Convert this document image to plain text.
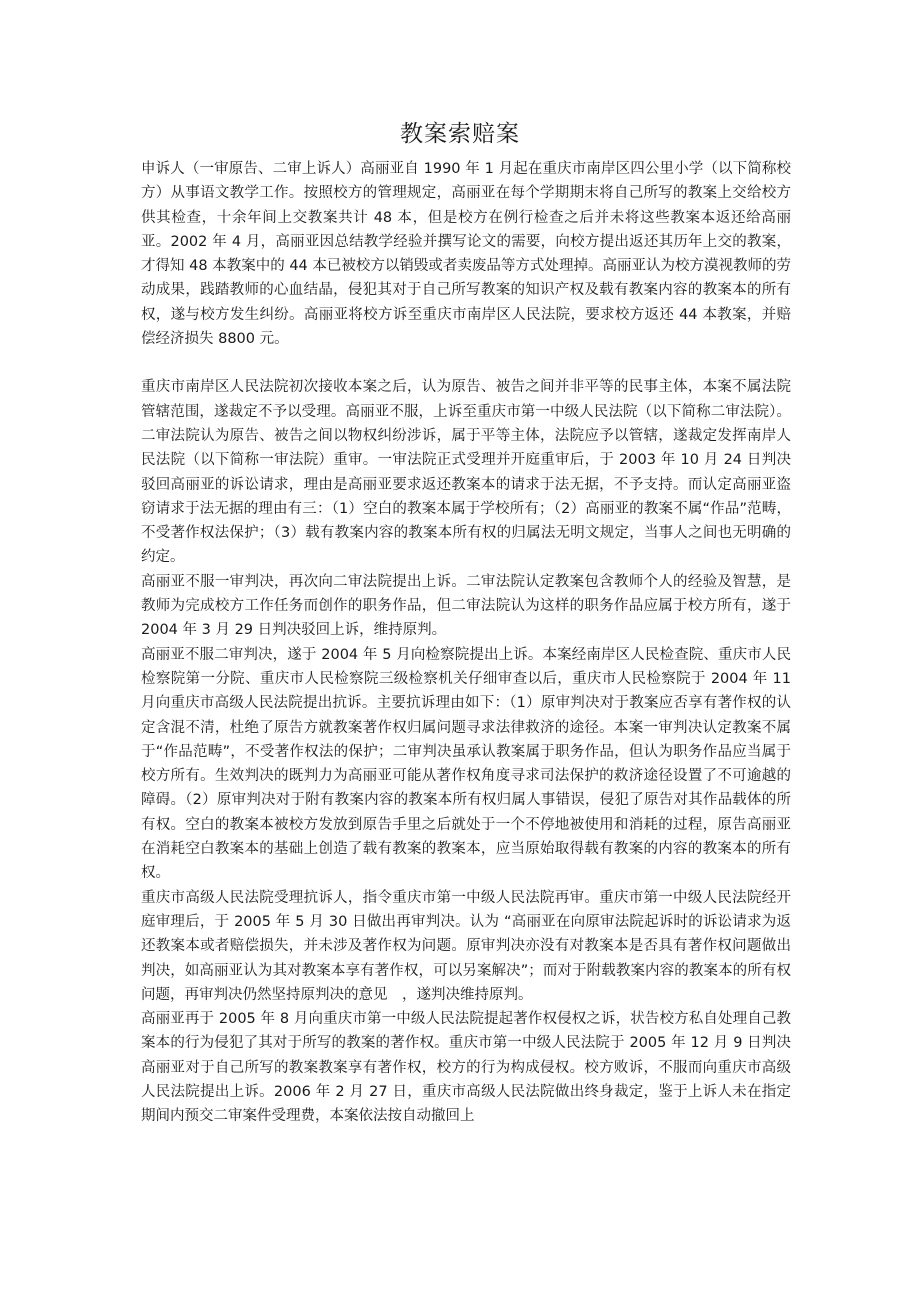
教案索赔案

申诉人（一审原告、二审上诉人）高丽亚自 1990 年 1 月起在重庆市南岸区四公里小学（以下简称校方）从事语文教学工作。按照校方的管理规定，高丽亚在每个学期期末将自己所写的教案上交给校方供其检查，十余年间上交教案共计 48 本，但是校方在例行检查之后并未将这些教案本返还给高丽亚。2002 年 4 月，高丽亚因总结教学经验并撰写论文的需要，向校方提出返还其历年上交的教案，才得知 48 本教案中的 44 本已被校方以销毁或者卖废品等方式处理掉。高丽亚认为校方漠视教师的劳动成果，践踏教师的心血结晶，侵犯其对于自己所写教案的知识产权及载有教案内容的教案本的所有权，遂与校方发生纠纷。高丽亚将校方诉至重庆市南岸区人民法院，要求校方返还 44 本教案，并赔偿经济损失 8800 元。

重庆市南岸区人民法院初次接收本案之后，认为原告、被告之间并非平等的民事主体，本案不属法院管辖范围，遂裁定不予以受理。高丽亚不服，上诉至重庆市第一中级人民法院（以下简称二审法院）。二审法院认为原告、被告之间以物权纠纷涉诉，属于平等主体，法院应予以管辖，遂裁定发挥南岸人民法院（以下简称一审法院）重审。一审法院正式受理并开庭重审后，于 2003 年 10 月 24 日判决驳回高丽亚的诉讼请求，理由是高丽亚要求返还教案本的请求于法无据，不予支持。而认定高丽亚盗窃请求于法无据的理由有三：（1）空白的教案本属于学校所有；（2）高丽亚的教案不属“作品”范畴，不受著作权法保护；（3）载有教案内容的教案本所有权的归属法无明文规定，当事人之间也无明确的约定。

高丽亚不服一审判决，再次向二审法院提出上诉。二审法院认定教案包含教师个人的经验及智慧，是教师为完成校方工作任务而创作的职务作品，但二审法院认为这样的职务作品应属于校方所有，遂于 2004 年 3 月 29 日判决驳回上诉，维持原判。

高丽亚不服二审判决，遂于 2004 年 5 月向检察院提出上诉。本案经南岸区人民检查院、重庆市人民检察院第一分院、重庆市人民检察院三级检察机关仔细审查以后，重庆市人民检察院于 2004 年 11 月向重庆市高级人民法院提出抗诉。主要抗诉理由如下：（1）原审判决对于教案应否享有著作权的认定含混不清，杜绝了原告方就教案著作权归属问题寻求法律救济的途径。本案一审判决认定教案不属于“作品范畴”，不受著作权法的保护；二审判决虽承认教案属于职务作品，但认为职务作品应当属于校方所有。生效判决的既判力为高丽亚可能从著作权角度寻求司法保护的救济途径设置了不可逾越的障碍。（2）原审判决对于附有教案内容的教案本所有权归属人事错误，侵犯了原告对其作品载体的所有权。空白的教案本被校方发放到原告手里之后就处于一个不停地被使用和消耗的过程，原告高丽亚在消耗空白教案本的基础上创造了载有教案的教案本，应当原始取得载有教案的内容的教案本的所有权。

重庆市高级人民法院受理抗诉人，指令重庆市第一中级人民法院再审。重庆市第一中级人民法院经开庭审理后，于 2005 年 5 月 30 日做出再审判决。认为 “高丽亚在向原审法院起诉时的诉讼请求为返还教案本或者赔偿损失，并未涉及著作权为问题。原审判决亦没有对教案本是否具有著作权问题做出判决，如高丽亚认为其对教案本享有著作权，可以另案解决”；而对于附载教案内容的教案本的所有权问题，再审判决仍然坚持原判决的意见　，遂判决维持原判。

高丽亚再于 2005 年 8 月向重庆市第一中级人民法院提起著作权侵权之诉，状告校方私自处理自己教案本的行为侵犯了其对于所写的教案的著作权。重庆市第一中级人民法院于 2005 年 12 月 9 日判决高丽亚对于自己所写的教案教案享有著作权，校方的行为构成侵权。校方败诉，不服而向重庆市高级人民法院提出上诉。2006 年 2 月 27 日，重庆市高级人民法院做出终身裁定，鉴于上诉人未在指定期间内预交二审案件受理费，本案依法按自动撤回上
